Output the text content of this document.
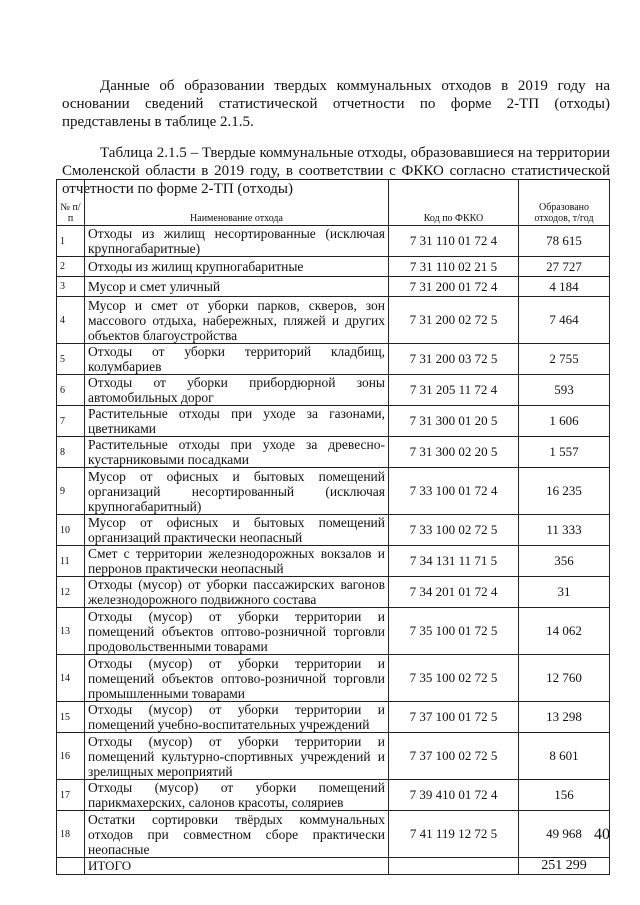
Данные об образовании твердых коммунальных отходов в 2019 году на основании сведений статистической отчетности по форме 2-ТП (отходы) представлены в таблице 2.1.5.

Таблица 2.1.5 – Твердые коммунальные отходы, образовавшиеся на территории Смоленской области в 2019 году, в соответствии с ФККО согласно статистической отчетности по форме 2-ТП (отходы)

№ п/п	Наименование отхода	Код по ФККО	Образовано отходов, т/год
1	Отходы из жилищ несортированные (исключая крупногабаритные)	7 31 110 01 72 4	78 615
2	Отходы из жилищ крупногабаритные	7 31 110 02 21 5	27 727
3	Мусор и смет уличный	7 31 200 01 72 4	4 184
4	Мусор и смет от уборки парков, скверов, зон массового отдыха, набережных, пляжей и других объектов благоустройства	7 31 200 02 72 5	7 464
5	Отходы от уборки территорий кладбищ, колумбариев	7 31 200 03 72 5	2 755
6	Отходы от уборки прибордюрной зоны автомобильных дорог	7 31 205 11 72 4	593
7	Растительные отходы при уходе за газонами, цветниками	7 31 300 01 20 5	1 606
8	Растительные отходы при уходе за древесно-кустарниковыми посадками	7 31 300 02 20 5	1 557
9	Мусор от офисных и бытовых помещений организаций несортированный (исключая крупногабаритный)	7 33 100 01 72 4	16 235
10	Мусор от офисных и бытовых помещений организаций практически неопасный	7 33 100 02 72 5	11 333
11	Смет с территории железнодорожных вокзалов и перронов практически неопасный	7 34 131 11 71 5	356
12	Отходы (мусор) от уборки пассажирских вагонов железнодорожного подвижного состава	7 34 201 01 72 4	31
13	Отходы (мусор) от уборки территории и помещений объектов оптово-розничной торговли продовольственными товарами	7 35 100 01 72 5	14 062
14	Отходы (мусор) от уборки территории и помещений объектов оптово-розничной торговли промышленными товарами	7 35 100 02 72 5	12 760
15	Отходы (мусор) от уборки территории и помещений учебно-воспитательных учреждений	7 37 100 01 72 5	13 298
16	Отходы (мусор) от уборки территории и помещений культурно-спортивных учреждений и зрелищных мероприятий	7 37 100 02 72 5	8 601
17	Отходы (мусор) от уборки помещений парикмахерских, салонов красоты, соляриев	7 39 410 01 72 4	156
18	Остатки сортировки твёрдых коммунальных отходов при совместном сборе практически неопасные	7 41 119 12 72 5	49 968
	ИТОГО		251 299
40
